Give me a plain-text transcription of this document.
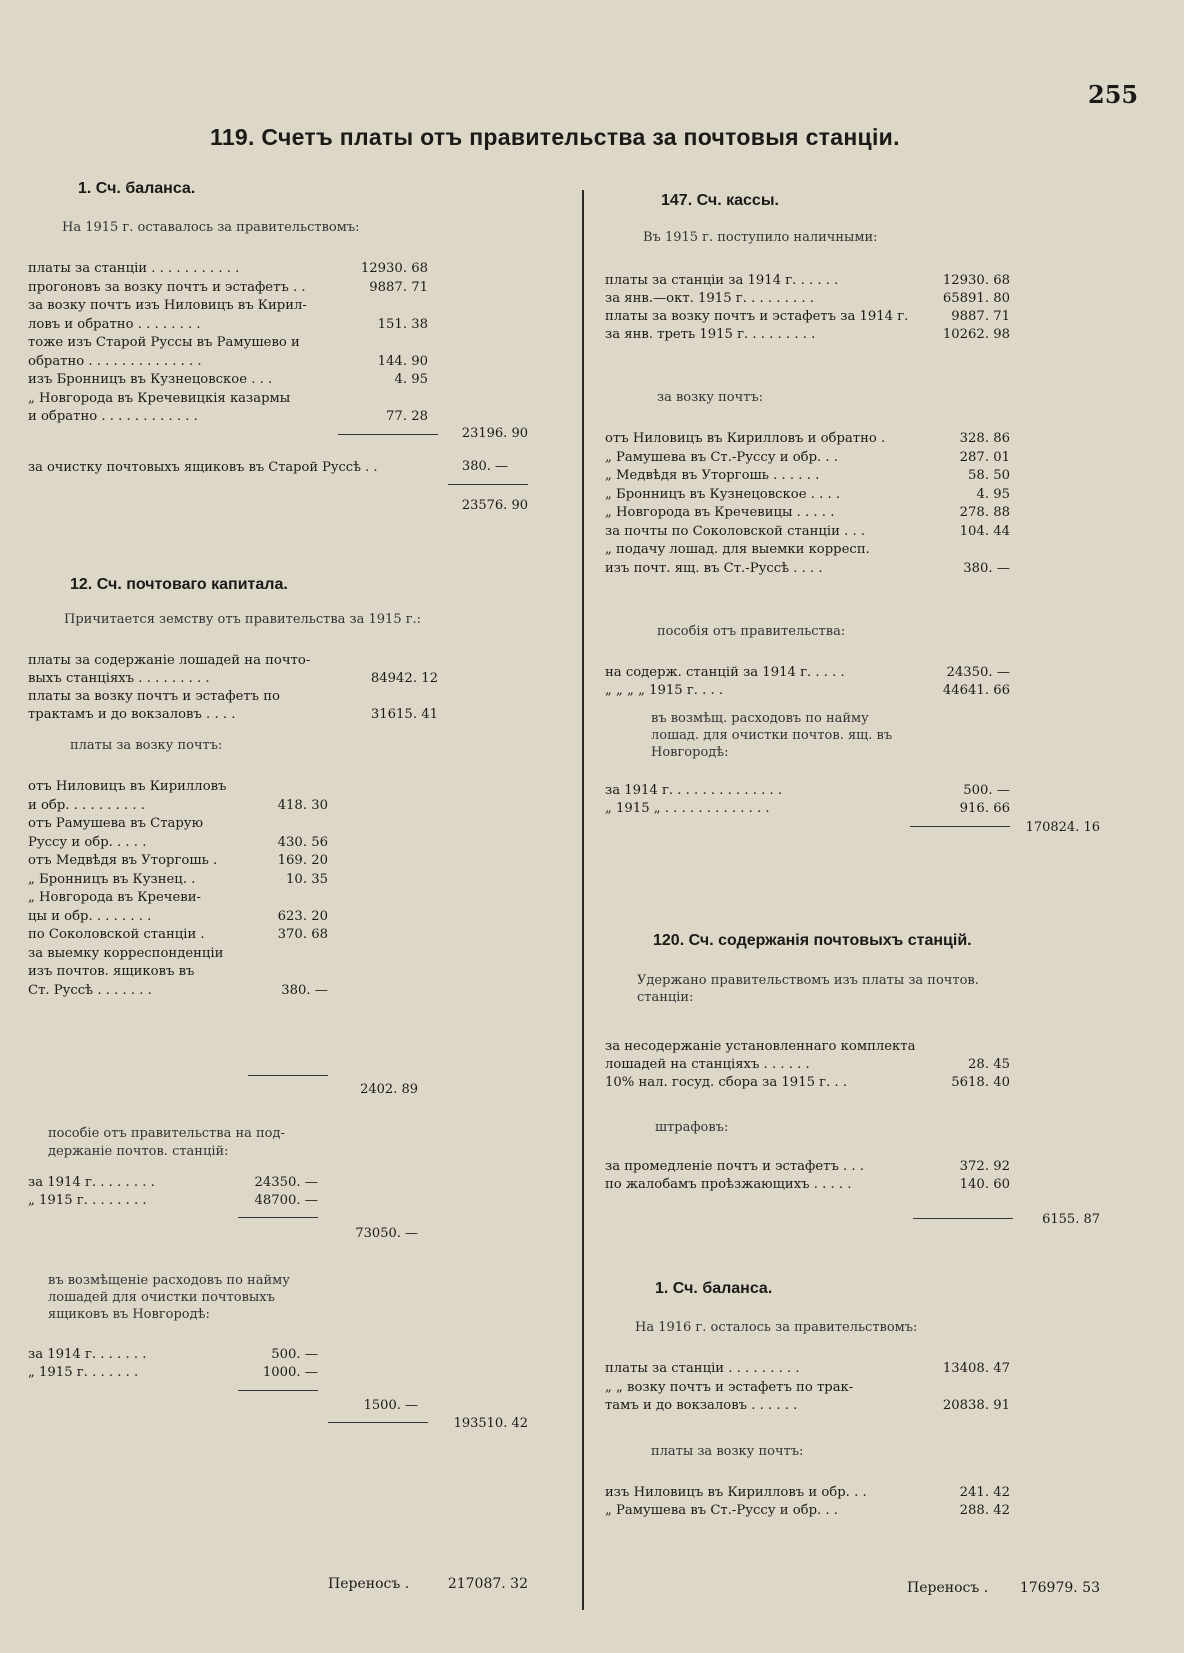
255
119. Счетъ платы отъ правительства за почтовыя станціи.
1. Сч. баланса.
На 1915 г. оставалось за правительствомъ:
платы за станціи . . . . . . . . . . .	12930. 68
прогоновъ за возку почтъ и эстафетъ . .	9887. 71
за возку почтъ изъ Ниловицъ въ Кирил-
ловъ и обратно . . . . . . . .	151. 38
тоже изъ Старой Руссы въ Рамушево и
обратно . . . . . . . . . . . . . .	144. 90
изъ Бронницъ въ Кузнецовское . . .	4. 95
„ Новгорода въ Кречевицкія казармы
и обратно . . . . . . . . . . . .	77. 28
23196. 90
за очистку почтовыхъ ящиковъ въ Старой Руссѣ . .	380. —
23576. 90
12. Сч. почтоваго капитала.
Причитается земству отъ правительства за 1915 г.:
платы за содержаніе лошадей на почто-
выхъ станціяхъ . . . . . . . . .	84942. 12
платы за возку почтъ и эстафетъ по
трактамъ и до вокзаловъ . . . .	31615. 41
платы за возку почтъ:
отъ Ниловицъ въ Кирилловъ
и обр. . . . . . . . . .	418. 30
отъ Рамушева въ Старую
Руссу и обр. . . . .	430. 56
отъ Медвѣдя въ Уторгошь .	169. 20
„ Бронницъ въ Кузнец. .	10. 35
„ Новгорода въ Кречеви-
цы и обр. . . . . . . .	623. 20
по Соколовской станціи .	370. 68
за выемку корреспонденціи
изъ почтов. ящиковъ въ
Ст. Руссѣ . . . . . . .	380. —
2402. 89
пособіе отъ правительства на под-держаніе почтов. станцій:
за 1914 г. . . . . . . .	24350. —
„ 1915 г. . . . . . . .	48700. —
73050. —
въ возмѣщеніе расходовъ по найму лошадей для очистки почтовыхъ ящиковъ въ Новгородѣ:
за 1914 г. . . . . . .	500. —
„ 1915 г. . . . . . .	1000. —
1500. —
193510. 42
Переносъ .	217087. 32
147. Сч. кассы.
Въ 1915 г. поступило наличными:
платы за станціи за 1914 г. . . . . .	12930. 68
за янв.—окт. 1915 г. . . . . . . . .	65891. 80
платы за возку почтъ и эстафетъ за 1914 г.	9887. 71
за янв. треть 1915 г. . . . . . . . .	10262. 98
за возку почтъ:
отъ Ниловицъ въ Кирилловъ и обратно .	328. 86
„ Рамушева въ Ст.-Руссу и обр. . .	287. 01
„ Медвѣдя въ Уторгошь . . . . . .	58. 50
„ Бронницъ въ Кузнецовское . . . .	4. 95
„ Новгорода въ Кречевицы . . . . .	278. 88
за почты по Соколовской станціи . . .	104. 44
„ подачу лошад. для выемки корресп.
изъ почт. ящ. въ Ст.-Руссѣ . . . .	380. —
пособія отъ правительства:
на содерж. станцій за 1914 г. . . . .	24350. —
„ „ „ „ 1915 г. . . .	44641. 66
въ возмѣщ. расходовъ по найму лошад. для очистки почтов. ящ. въ Новгородѣ:
за 1914 г. . . . . . . . . . . . . .	500. —
„ 1915 „ . . . . . . . . . . . . .	916. 66
170824. 16
120. Сч. содержанія почтовыхъ станцій.
Удержано правительствомъ изъ платы за почтов. станціи:
за несодержаніе установленнаго комплекта
лошадей на станціяхъ . . . . . .	28. 45
10% нал. госуд. сбора за 1915 г. . .	5618. 40
штрафовъ:
за промедленіе почтъ и эстафетъ . . .	372. 92
по жалобамъ проѣзжающихъ . . . . .	140. 60
6155. 87
1. Сч. баланса.
На 1916 г. осталось за правительствомъ:
платы за станціи . . . . . . . . .	13408. 47
„ „ возку почтъ и эстафетъ по трак-
тамъ и до вокзаловъ . . . . . .	20838. 91
платы за возку почтъ:
изъ Ниловицъ въ Кирилловъ и обр. . .	241. 42
„ Рамушева въ Ст.-Руссу и обр. . .	288. 42
Переносъ .	176979. 53
